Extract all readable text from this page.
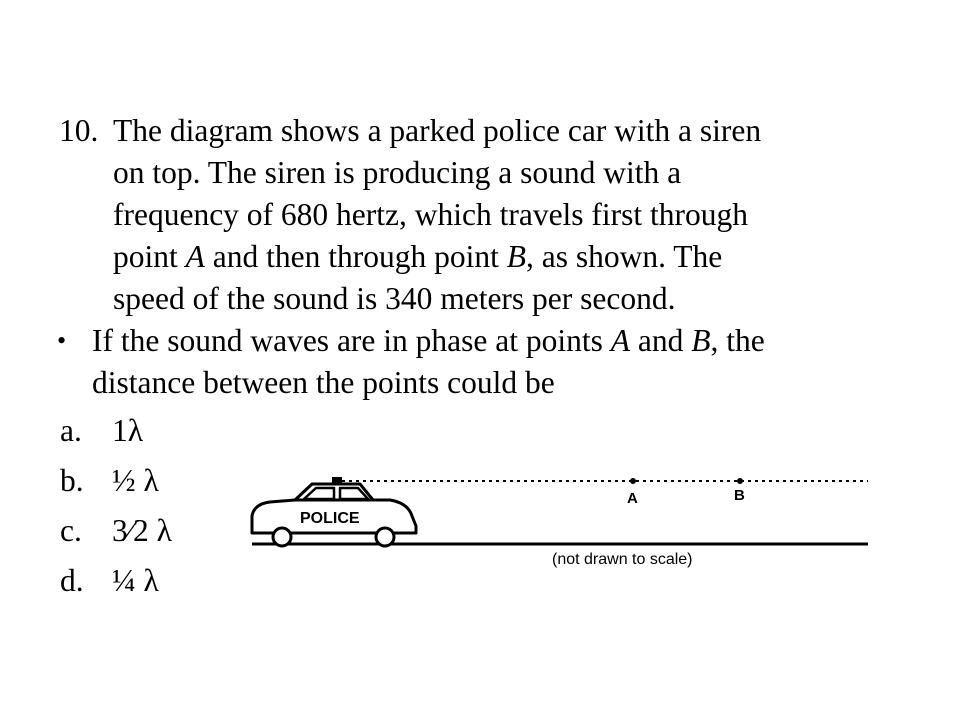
10. The diagram shows a parked police car with a siren
on top. The siren is producing a sound with a
frequency of 680 hertz, which travels first through
point A and then through point B, as shown. The
speed of the sound is 340 meters per second.
• If the sound waves are in phase at points A and B, the
distance between the points could be
a. 1λ
b. ½ λ
c. 3⁄2 λ
d. ¼ λ
A	B
POLICE
(not drawn to scale)
